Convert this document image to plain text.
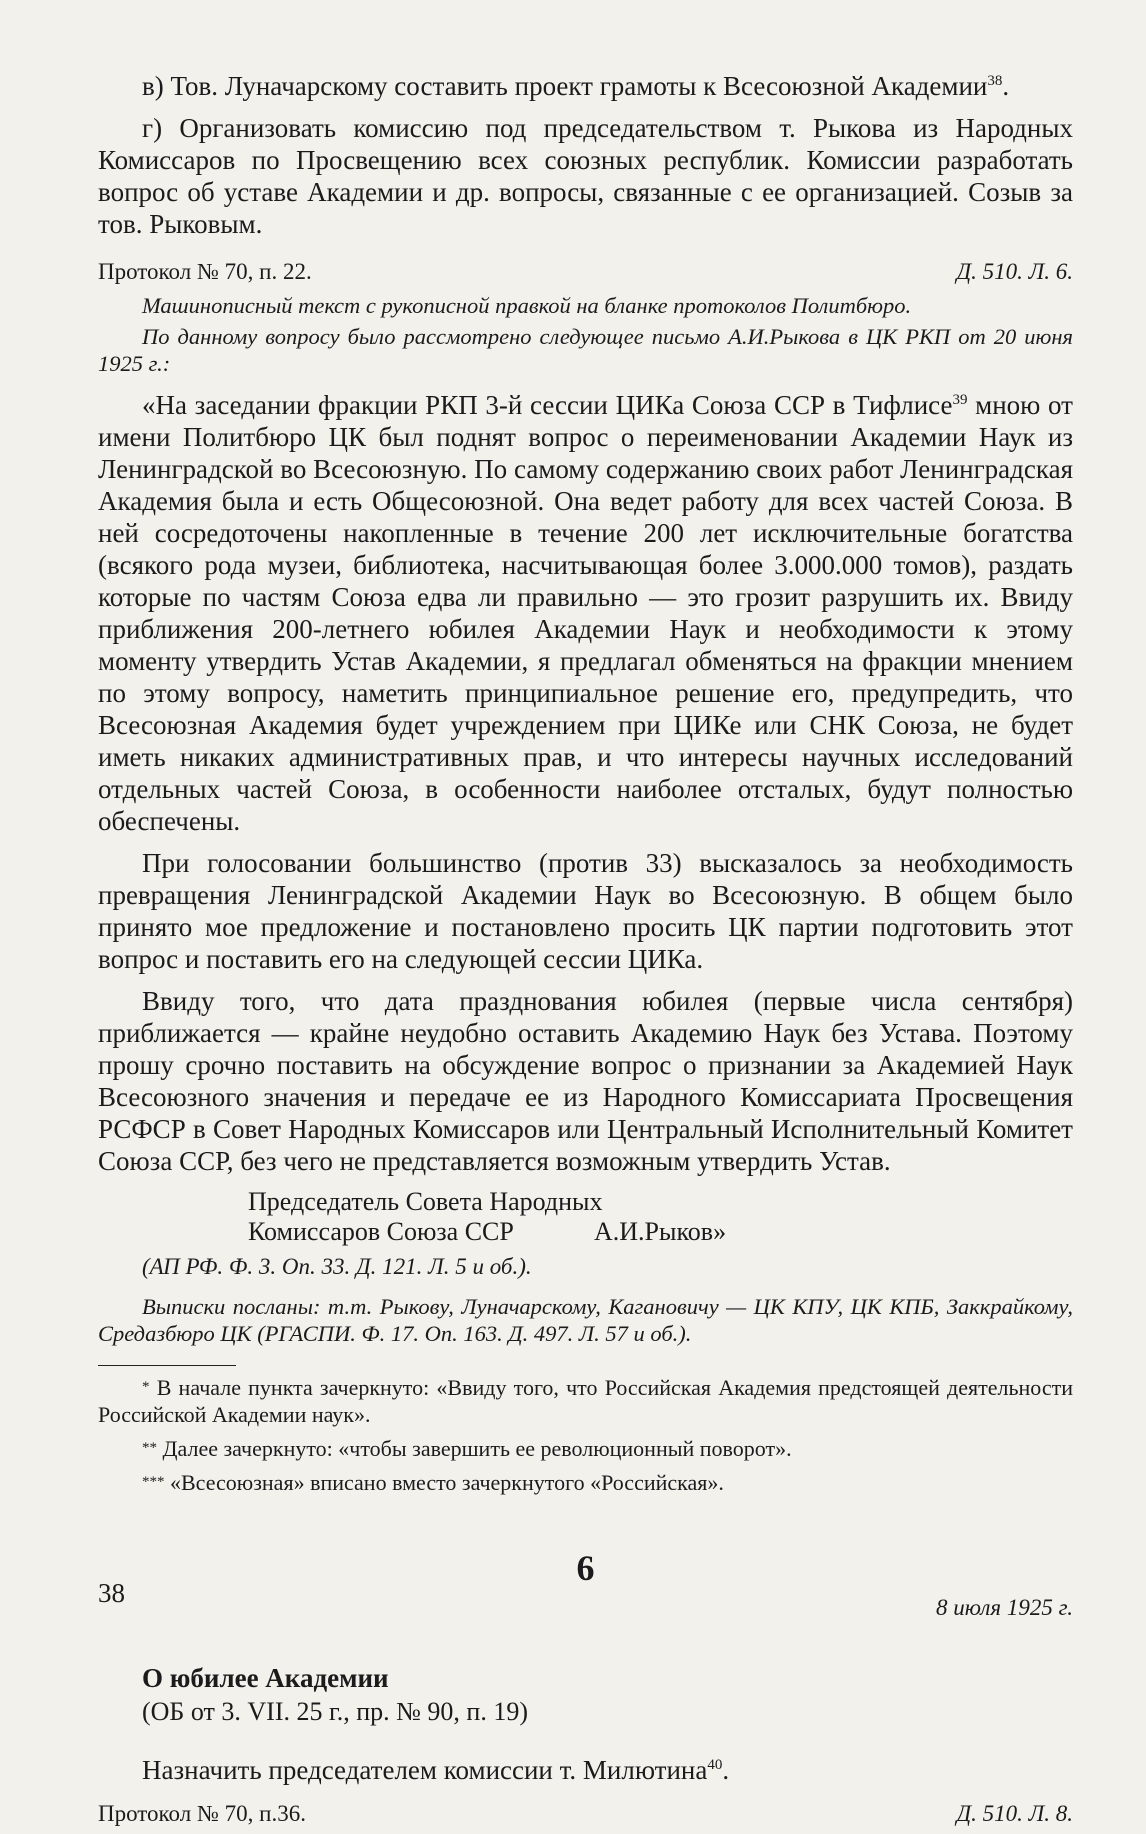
в) Тов. Луначарскому составить проект грамоты к Всесоюзной Академии$^{38}$.

г) Организовать комиссию под председательством т. Рыкова из Народных Комиссаров по Просвещению всех союзных республик. Комиссии разработать вопрос об уставе Академии и др. вопросы, связанные с ее организацией. Созыв за тов. Рыковым.

Протокол № 70, п. 22.	Д. 510. Л. 6.

Машинописный текст с рукописной правкой на бланке протоколов Политбюро.

По данному вопросу было рассмотрено следующее письмо А.И.Рыкова в ЦК РКП от 20 июня 1925 г.:

«На заседании фракции РКП 3-й сессии ЦИКа Союза ССР в Тифлисе$^{39}$ мною от имени Политбюро ЦК был поднят вопрос о переименовании Академии Наук из Ленинградской во Всесоюзную. По самому содержанию своих работ Ленинградская Академия была и есть Общесоюзной. Она ведет работу для всех частей Союза. В ней сосредоточены накопленные в течение 200 лет исключительные богатства (всякого рода музеи, библиотека, насчитывающая более 3.000.000 томов), раздать которые по частям Союза едва ли правильно — это грозит разрушить их. Ввиду приближения 200-летнего юбилея Академии Наук и необходимости к этому моменту утвердить Устав Академии, я предлагал обменяться на фракции мнением по этому вопросу, наметить принципиальное решение его, предупредить, что Всесоюзная Академия будет учреждением при ЦИКе или СНК Союза, не будет иметь никаких административных прав, и что интересы научных исследований отдельных частей Союза, в особенности наиболее отсталых, будут полностью обеспечены.

При голосовании большинство (против 33) высказалось за необходимость превращения Ленинградской Академии Наук во Всесоюзную. В общем было принято мое предложение и постановлено просить ЦК партии подготовить этот вопрос и поставить его на следующей сессии ЦИКа.

Ввиду того, что дата празднования юбилея (первые числа сентября) приближается — крайне неудобно оставить Академию Наук без Устава. Поэтому прошу срочно поставить на обсуждение вопрос о признании за Академией Наук Всесоюзного значения и передаче ее из Народного Комиссариата Просвещения РСФСР в Совет Народных Комиссаров или Центральный Исполнительный Комитет Союза ССР, без чего не представляется возможным утвердить Устав.

Председатель Совета Народных
Комиссаров Союза ССР	А.И.Рыков»

(АП РФ. Ф. 3. Оп. 33. Д. 121. Л. 5 и об.).

Выписки посланы: т.т. Рыкову, Луначарскому, Кагановичу — ЦК КПУ, ЦК КПБ, Заккрайкому, Средазбюро ЦК (РГАСПИ. Ф. 17. Оп. 163. Д. 497. Л. 57 и об.).

* В начале пункта зачеркнуто: «Ввиду того, что Российская Академия предстоящей деятельности Российской Академии наук».

** Далее зачеркнуто: «чтобы завершить ее революционный поворот».

*** «Всесоюзная» вписано вместо зачеркнутого «Российская».

6
8 июля 1925 г.
О юбилее Академии
(ОБ от 3. VII. 25 г., пр. № 90, п. 19)

Назначить председателем комиссии т. Милютина$^{40}$.

Протокол № 70, п.36.	Д. 510. Л. 8.
38
